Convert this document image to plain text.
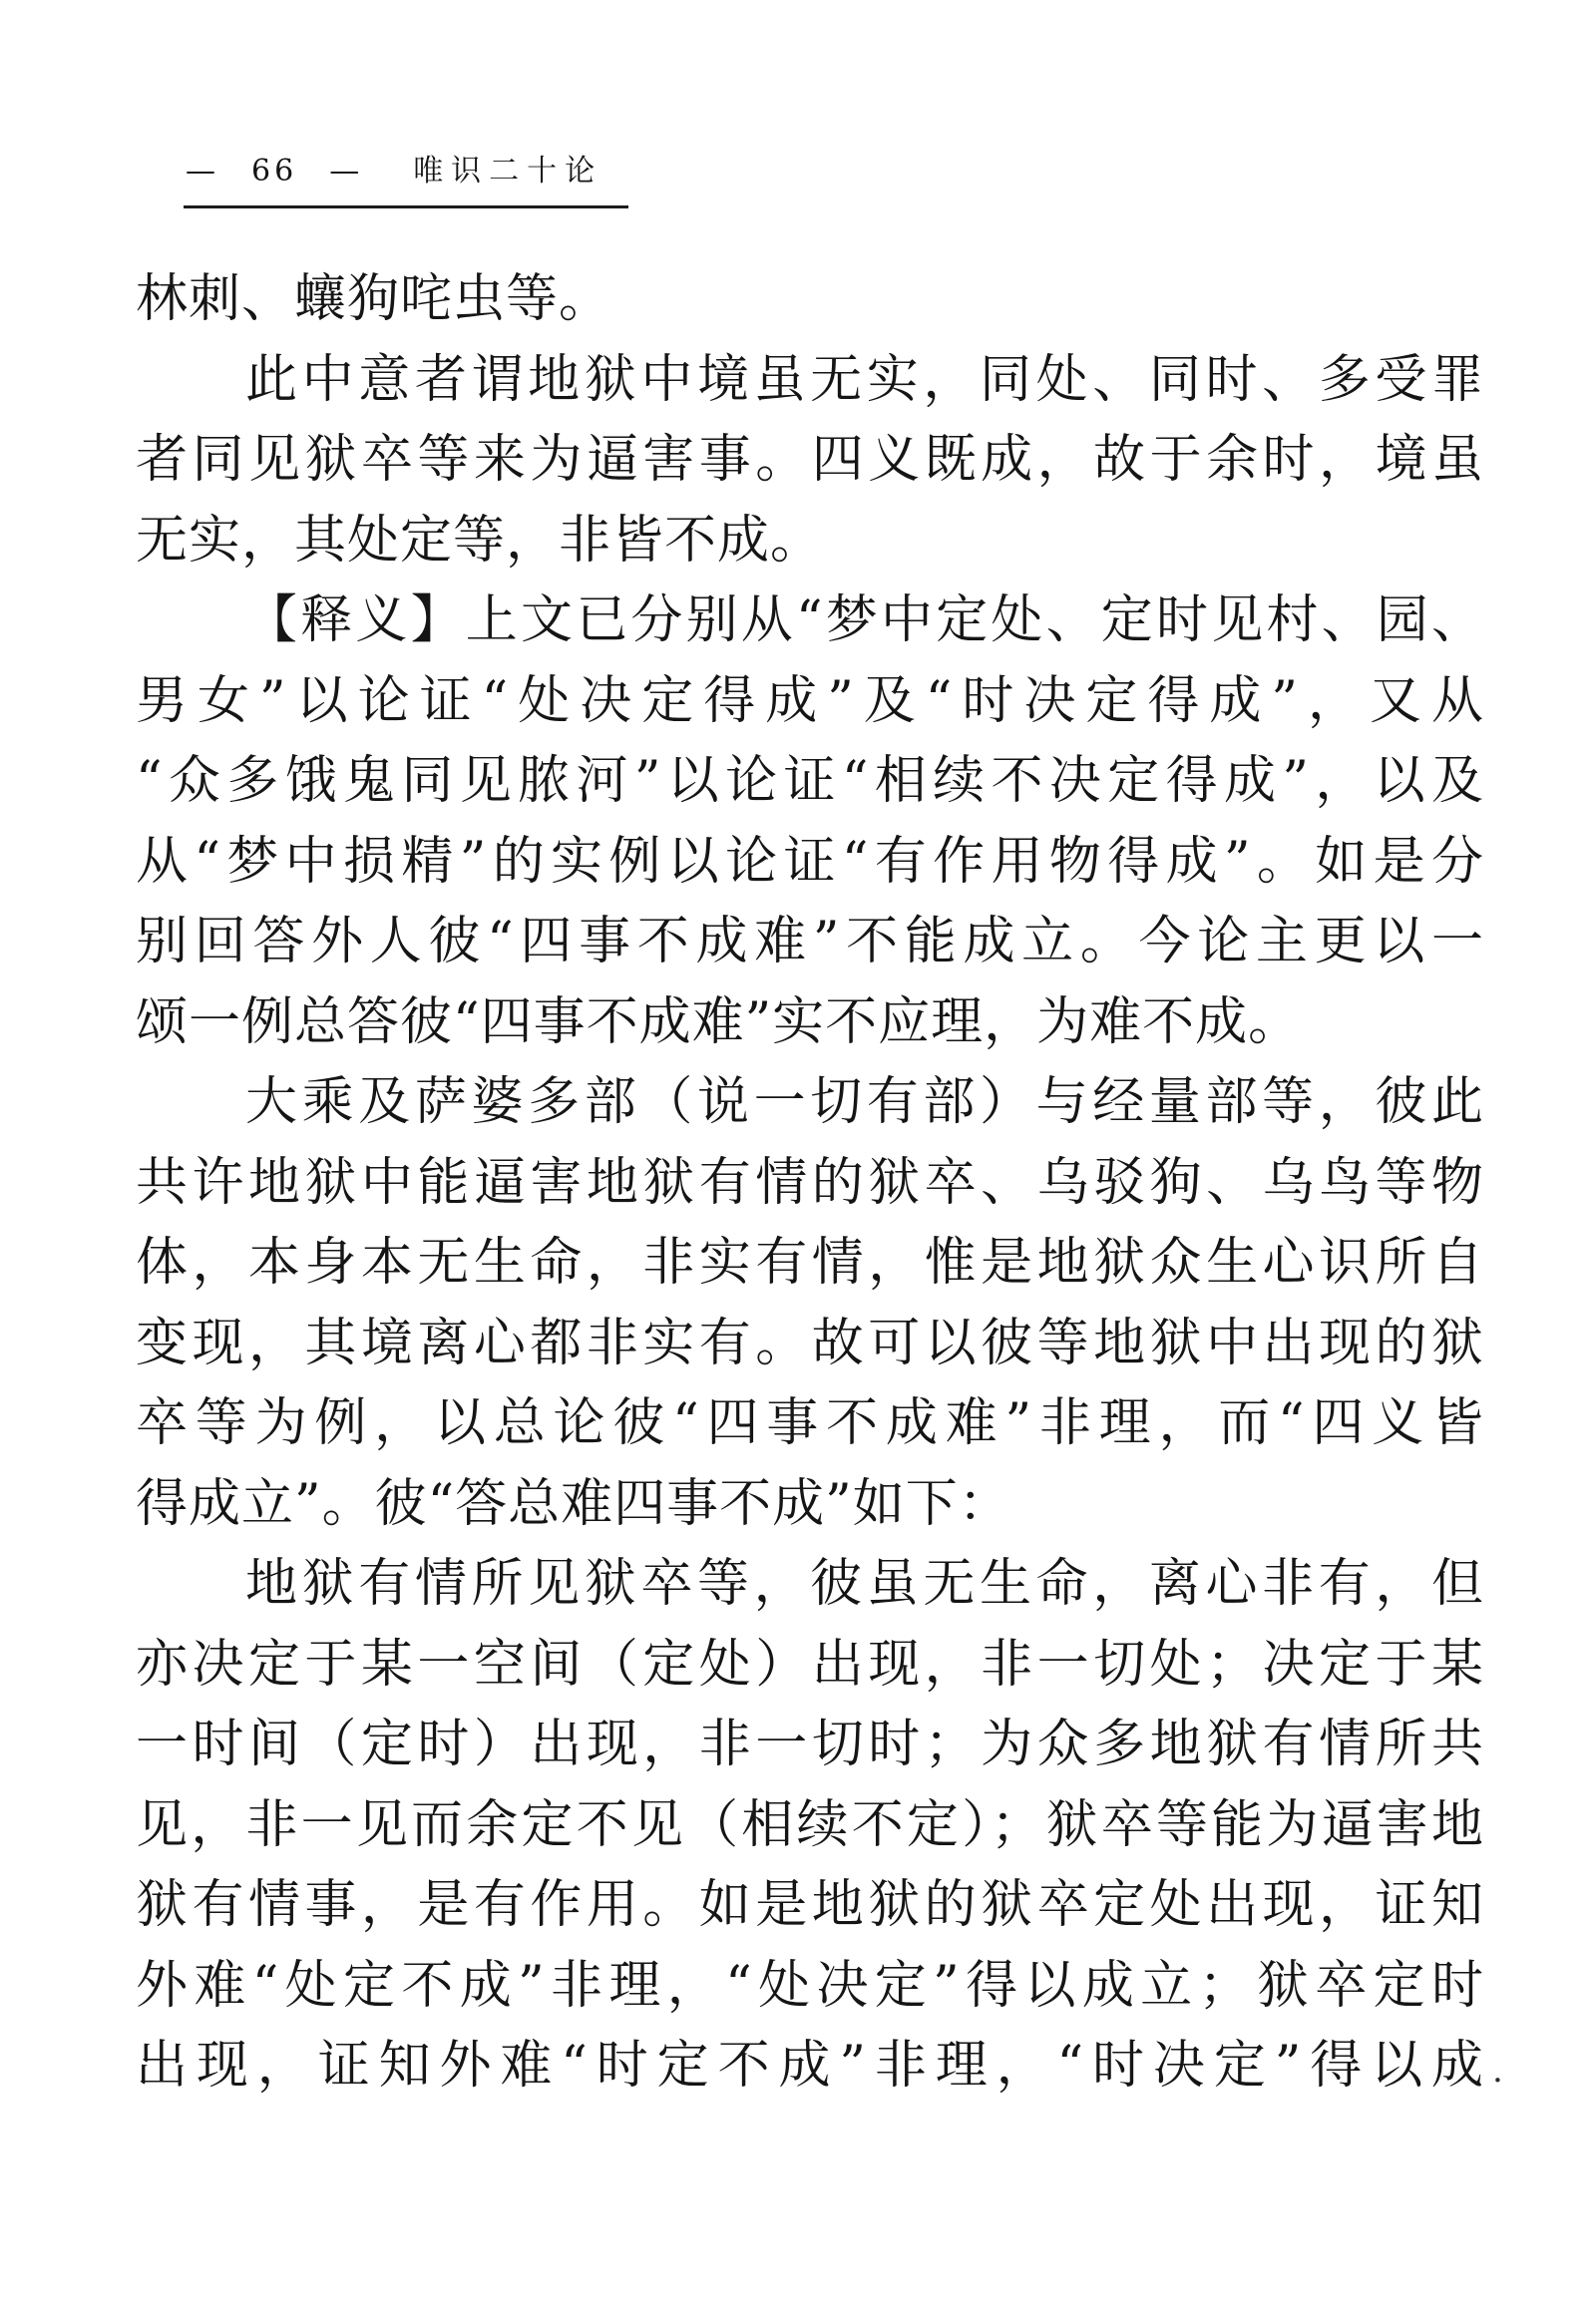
— 66 — 唯识二十论
林刺、蠰狗咤虫等。
此中意者谓地狱中境虽无实，同处、同时、多受罪
者同见狱卒等来为逼害事。四义既成，故于余时，境虽
无实，其处定等，非皆不成。
【释义】上文已分别从“梦中定处、定时见村、园、
男女”以论证“处决定得成”及“时决定得成”，又从
“众多饿鬼同见脓河”以论证“相续不决定得成”，以及
从“梦中损精”的实例以论证“有作用物得成”。如是分
别回答外人彼“四事不成难”不能成立。今论主更以一
颂一例总答彼“四事不成难”实不应理，为难不成。
大乘及萨婆多部（说一切有部）与经量部等，彼此
共许地狱中能逼害地狱有情的狱卒、乌驳狗、乌鸟等物
体，本身本无生命，非实有情，惟是地狱众生心识所自
变现，其境离心都非实有。故可以彼等地狱中出现的狱
卒等为例，以总论彼“四事不成难”非理，而“四义皆
得成立”。彼“答总难四事不成”如下：
地狱有情所见狱卒等，彼虽无生命，离心非有，但
亦决定于某一空间（定处）出现，非一切处；决定于某
一时间（定时）出现，非一切时；为众多地狱有情所共
见，非一见而余定不见（相续不定）；狱卒等能为逼害地
狱有情事，是有作用。如是地狱的狱卒定处出现，证知
外难“处定不成”非理，“处决定”得以成立；狱卒定时
出现，证知外难“时定不成”非理，“时决定”得以成 .
